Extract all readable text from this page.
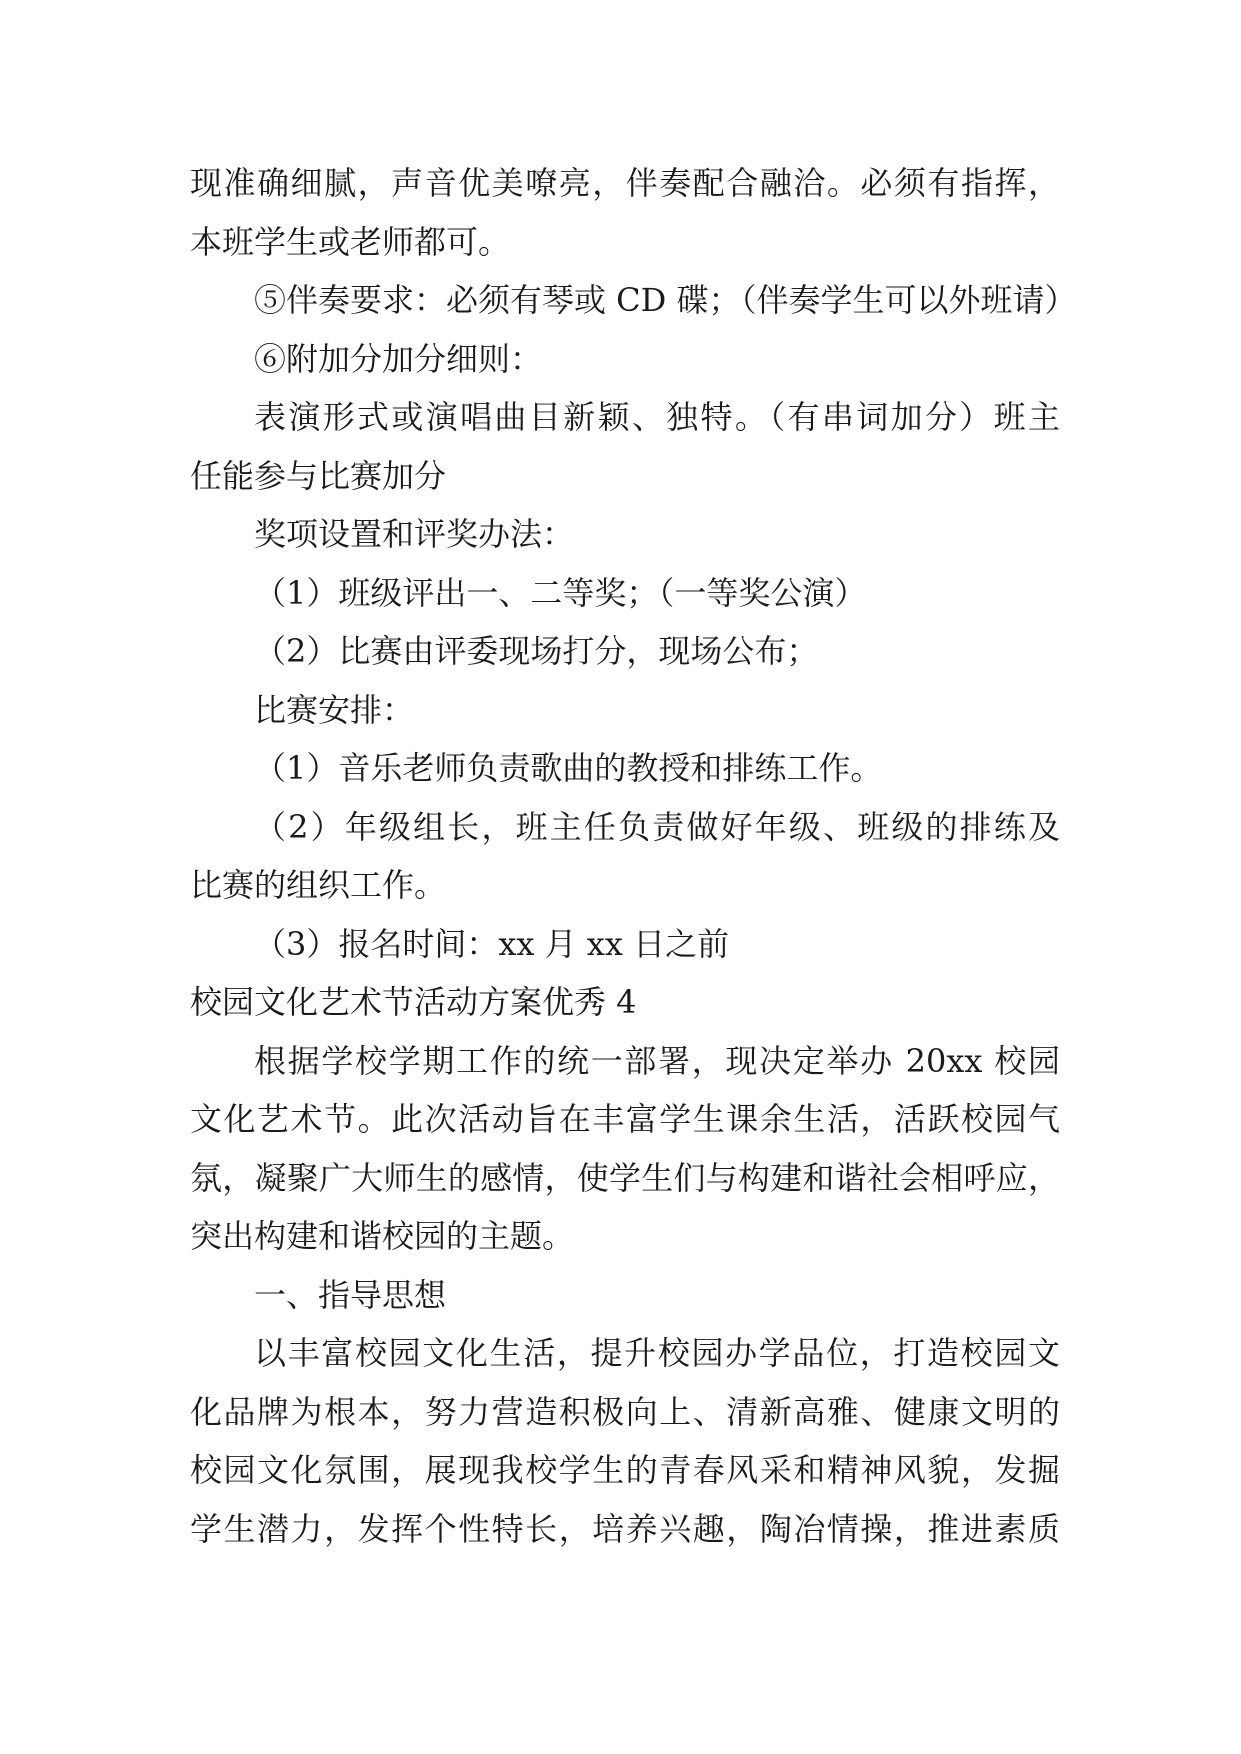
现准确细腻，声音优美嘹亮，伴奏配合融洽。必须有指挥，

本班学生或老师都可。

⑤伴奏要求：必须有琴或 CD 碟；（伴奏学生可以外班请）

⑥附加分加分细则：

表演形式或演唱曲目新颖、独特。（有串词加分）班主

任能参与比赛加分

奖项设置和评奖办法：

（1）班级评出一、二等奖；（一等奖公演）

（2）比赛由评委现场打分，现场公布；

比赛安排：

（1）音乐老师负责歌曲的教授和排练工作。

（2）年级组长，班主任负责做好年级、班级的排练及

比赛的组织工作。

（3）报名时间：xx 月 xx 日之前

校园文化艺术节活动方案优秀 4

根据学校学期工作的统一部署，现决定举办 20xx 校园

文化艺术节。此次活动旨在丰富学生课余生活，活跃校园气

氛，凝聚广大师生的感情，使学生们与构建和谐社会相呼应，

突出构建和谐校园的主题。

一、指导思想

以丰富校园文化生活，提升校园办学品位，打造校园文

化品牌为根本，努力营造积极向上、清新高雅、健康文明的

校园文化氛围，展现我校学生的青春风采和精神风貌，发掘

学生潜力，发挥个性特长，培养兴趣，陶冶情操，推进素质
